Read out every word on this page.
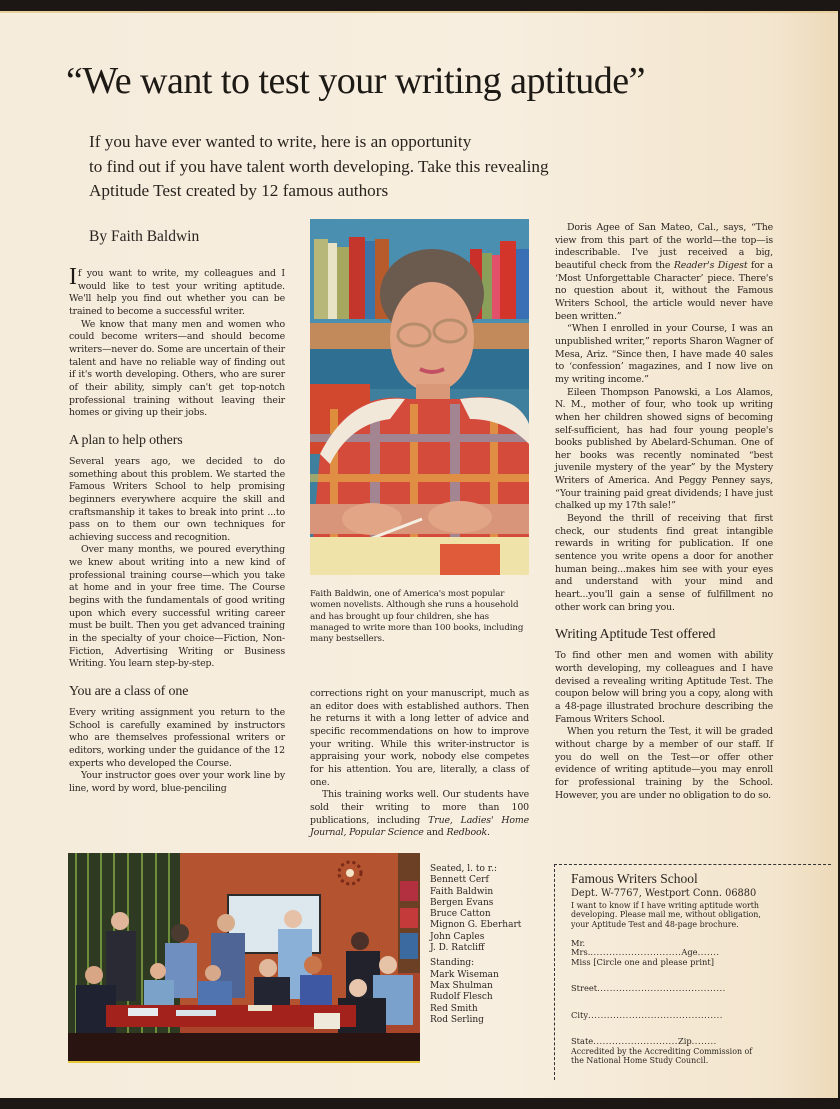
“We want to test your writing aptitude”
If you have ever wanted to write, here is an opportunity
to find out if you have talent worth developing. Take this revealing
Aptitude Test created by 12 famous authors
By Faith Baldwin

If you want to write, my colleagues and I would like to test your writing aptitude. We'll help you find out whether you can be trained to become a successful writer.

We know that many men and women who could become writers—and should become writers—never do. Some are uncertain of their talent and have no reliable way of finding out if it's worth developing. Others, who are surer of their ability, simply can't get top-notch professional training without leaving their homes or giving up their jobs.

A plan to help others

Several years ago, we decided to do something about this problem. We started the Famous Writers School to help promising beginners everywhere acquire the skill and craftsmanship it takes to break into print ...to pass on to them our own techniques for achieving success and recognition.

Over many months, we poured everything we knew about writing into a new kind of professional training course—which you take at home and in your free time. The Course begins with the fundamentals of good writing upon which every successful writing career must be built. Then you get advanced training in the specialty of your choice—Fiction, Non-Fiction, Advertising Writing or Business Writing. You learn step-by-step.

You are a class of one

Every writing assignment you return to the School is carefully examined by instructors who are themselves professional writers or editors, working under the guidance of the 12 experts who developed the Course.

Your instructor goes over your work line by line, word by word, blue-penciling

Faith Baldwin, one of America's most popular women novelists. Although she runs a household and has brought up four children, she has managed to write more than 100 books, including many bestsellers.

corrections right on your manuscript, much as an editor does with established authors. Then he returns it with a long letter of advice and specific recommendations on how to improve your writing. While this writer-instructor is appraising your work, nobody else competes for his attention. You are, literally, a class of one.

This training works well. Our students have sold their writing to more than 100 publications, including True, Ladies' Home Journal, Popular Science and Redbook.

Doris Agee of San Mateo, Cal., says, “The view from this part of the world—the top—is indescribable. I've just received a big, beautiful check from the Reader's Digest for a ‘Most Unforgettable Character’ piece. There's no question about it, without the Famous Writers School, the article would never have been written.”

“When I enrolled in your Course, I was an unpublished writer,” reports Sharon Wagner of Mesa, Ariz. “Since then, I have made 40 sales to ‘confession’ magazines, and I now live on my writing income.”

Eileen Thompson Panowski, a Los Alamos, N. M., mother of four, who took up writing when her children showed signs of becoming self-sufficient, has had four young people's books published by Abelard-Schuman. One of her books was recently nominated “best juvenile mystery of the year” by the Mystery Writers of America. And Peggy Penney says, “Your training paid great dividends; I have just chalked up my 17th sale!”

Beyond the thrill of receiving that first check, our students find great intangible rewards in writing for publication. If one sentence you write opens a door for another human being...makes him see with your eyes and understand with your mind and heart...you'll gain a sense of fulfillment no other work can bring you.

Writing Aptitude Test offered

To find other men and women with ability worth developing, my colleagues and I have devised a revealing writing Aptitude Test. The coupon below will bring you a copy, along with a 48-page illustrated brochure describing the Famous Writers School.

When you return the Test, it will be graded without charge by a member of our staff. If you do well on the Test—or offer other evidence of writing aptitude—you may enroll for professional training by the School. However, you are under no obligation to do so.

Seated, l. to r.:
Bennett Cerf
Faith Baldwin
Bergen Evans
Bruce Catton
Mignon G. Eberhart
John Caples
J. D. Ratcliff
Standing:
Mark Wiseman
Max Shulman
Rudolf Flesch
Red Smith
Rod Serling
Famous Writers School
Dept. W-7767, Westport Conn. 06880
I want to know if I have writing aptitude worth developing. Please mail me, without obligation, your Aptitude Test and 48-page brochure.
Mr.
Mrs..............................Age.......
Miss [Circle one and please print]
Street.........................................
City...........................................
State...........................Zip........
Accredited by the Accrediting Commission of the National Home Study Council.
